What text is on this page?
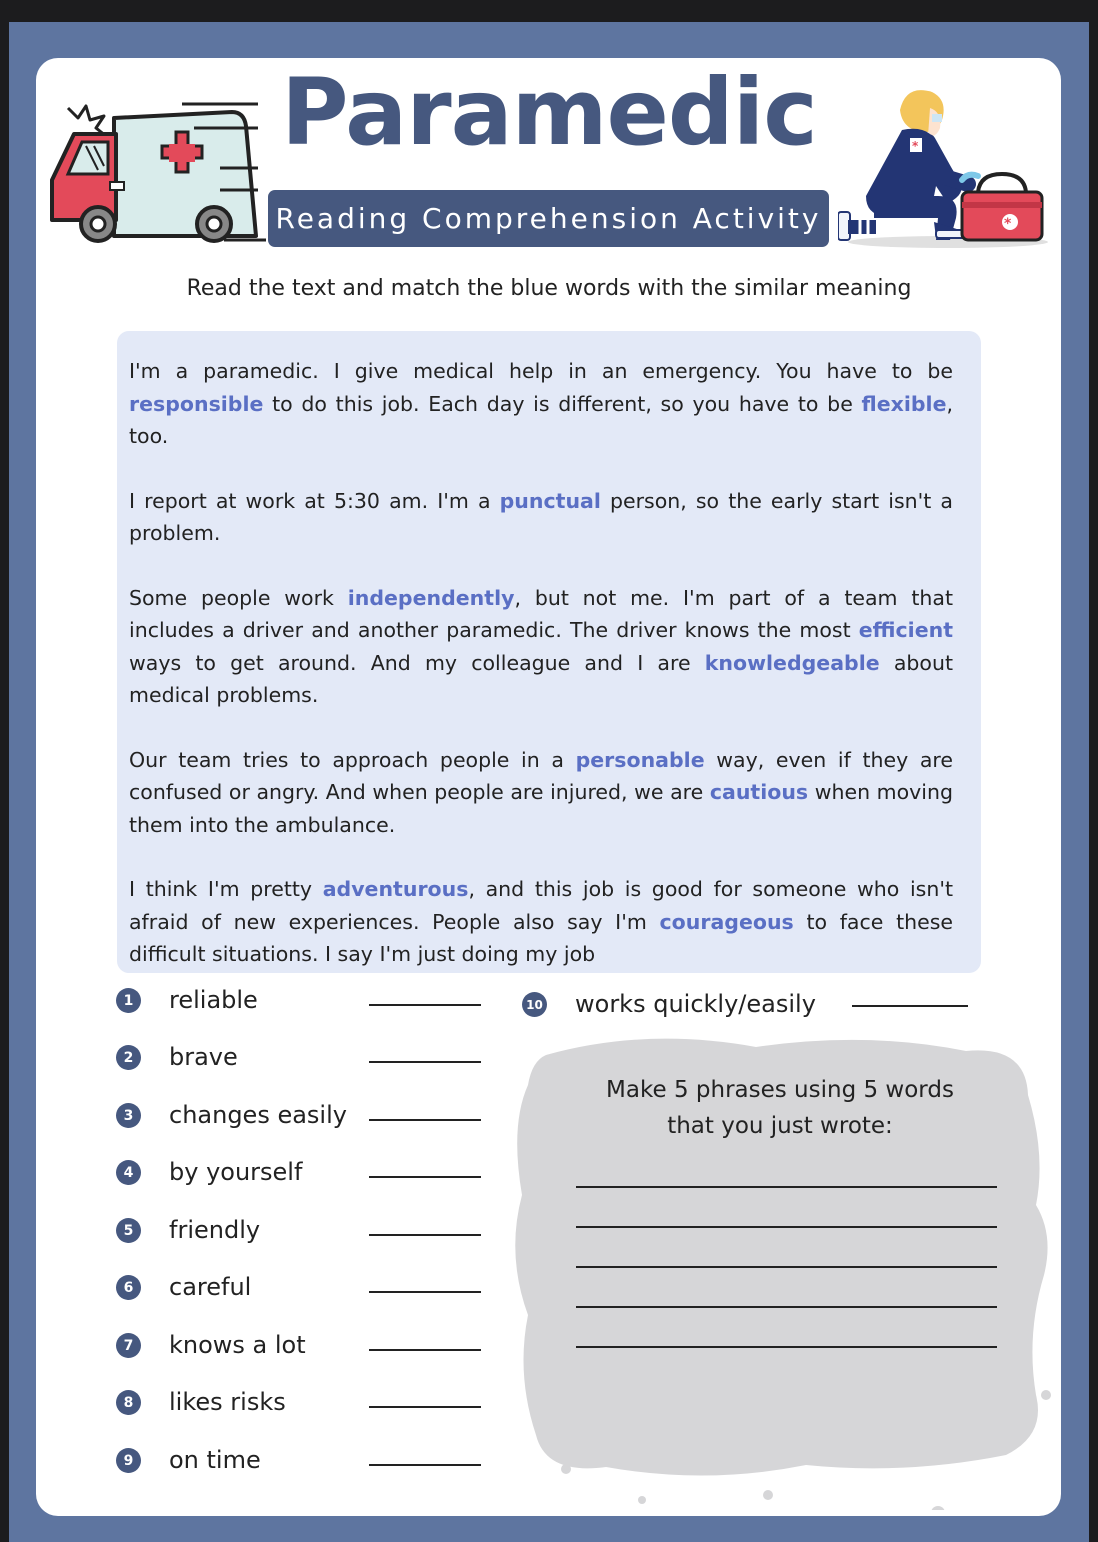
*
*
Paramedic
Reading Comprehension Activity
Read the text and match the blue words with the similar meaning

I'm a paramedic. I give medical help in an emergency. You have to be responsible to do this job. Each day is different, so you have to be flexible, too.

I report at work at 5:30 am. I'm a punctual person, so the early start isn't a problem.

Some people work independently, but not me. I'm part of a team that includes a driver and another paramedic. The driver knows the most efficient ways to get around. And my colleague and I are knowledgeable about medical problems.

Our team tries to approach people in a personable way, even if they are confused or angry. And when people are injured, we are cautious when moving them into the ambulance.

I think I'm pretty adventurous, and this job is good for someone who isn't afraid of new experiences. People also say I'm courageous to face these difficult situations. I say I'm just doing my job

1	reliable
2	brave
3	changes easily
4	by yourself
5	friendly
6	careful
7	knows a lot
8	likes risks
9	on time
10 works quickly/easily
Make 5 phrases using 5 words
that you just wrote:
